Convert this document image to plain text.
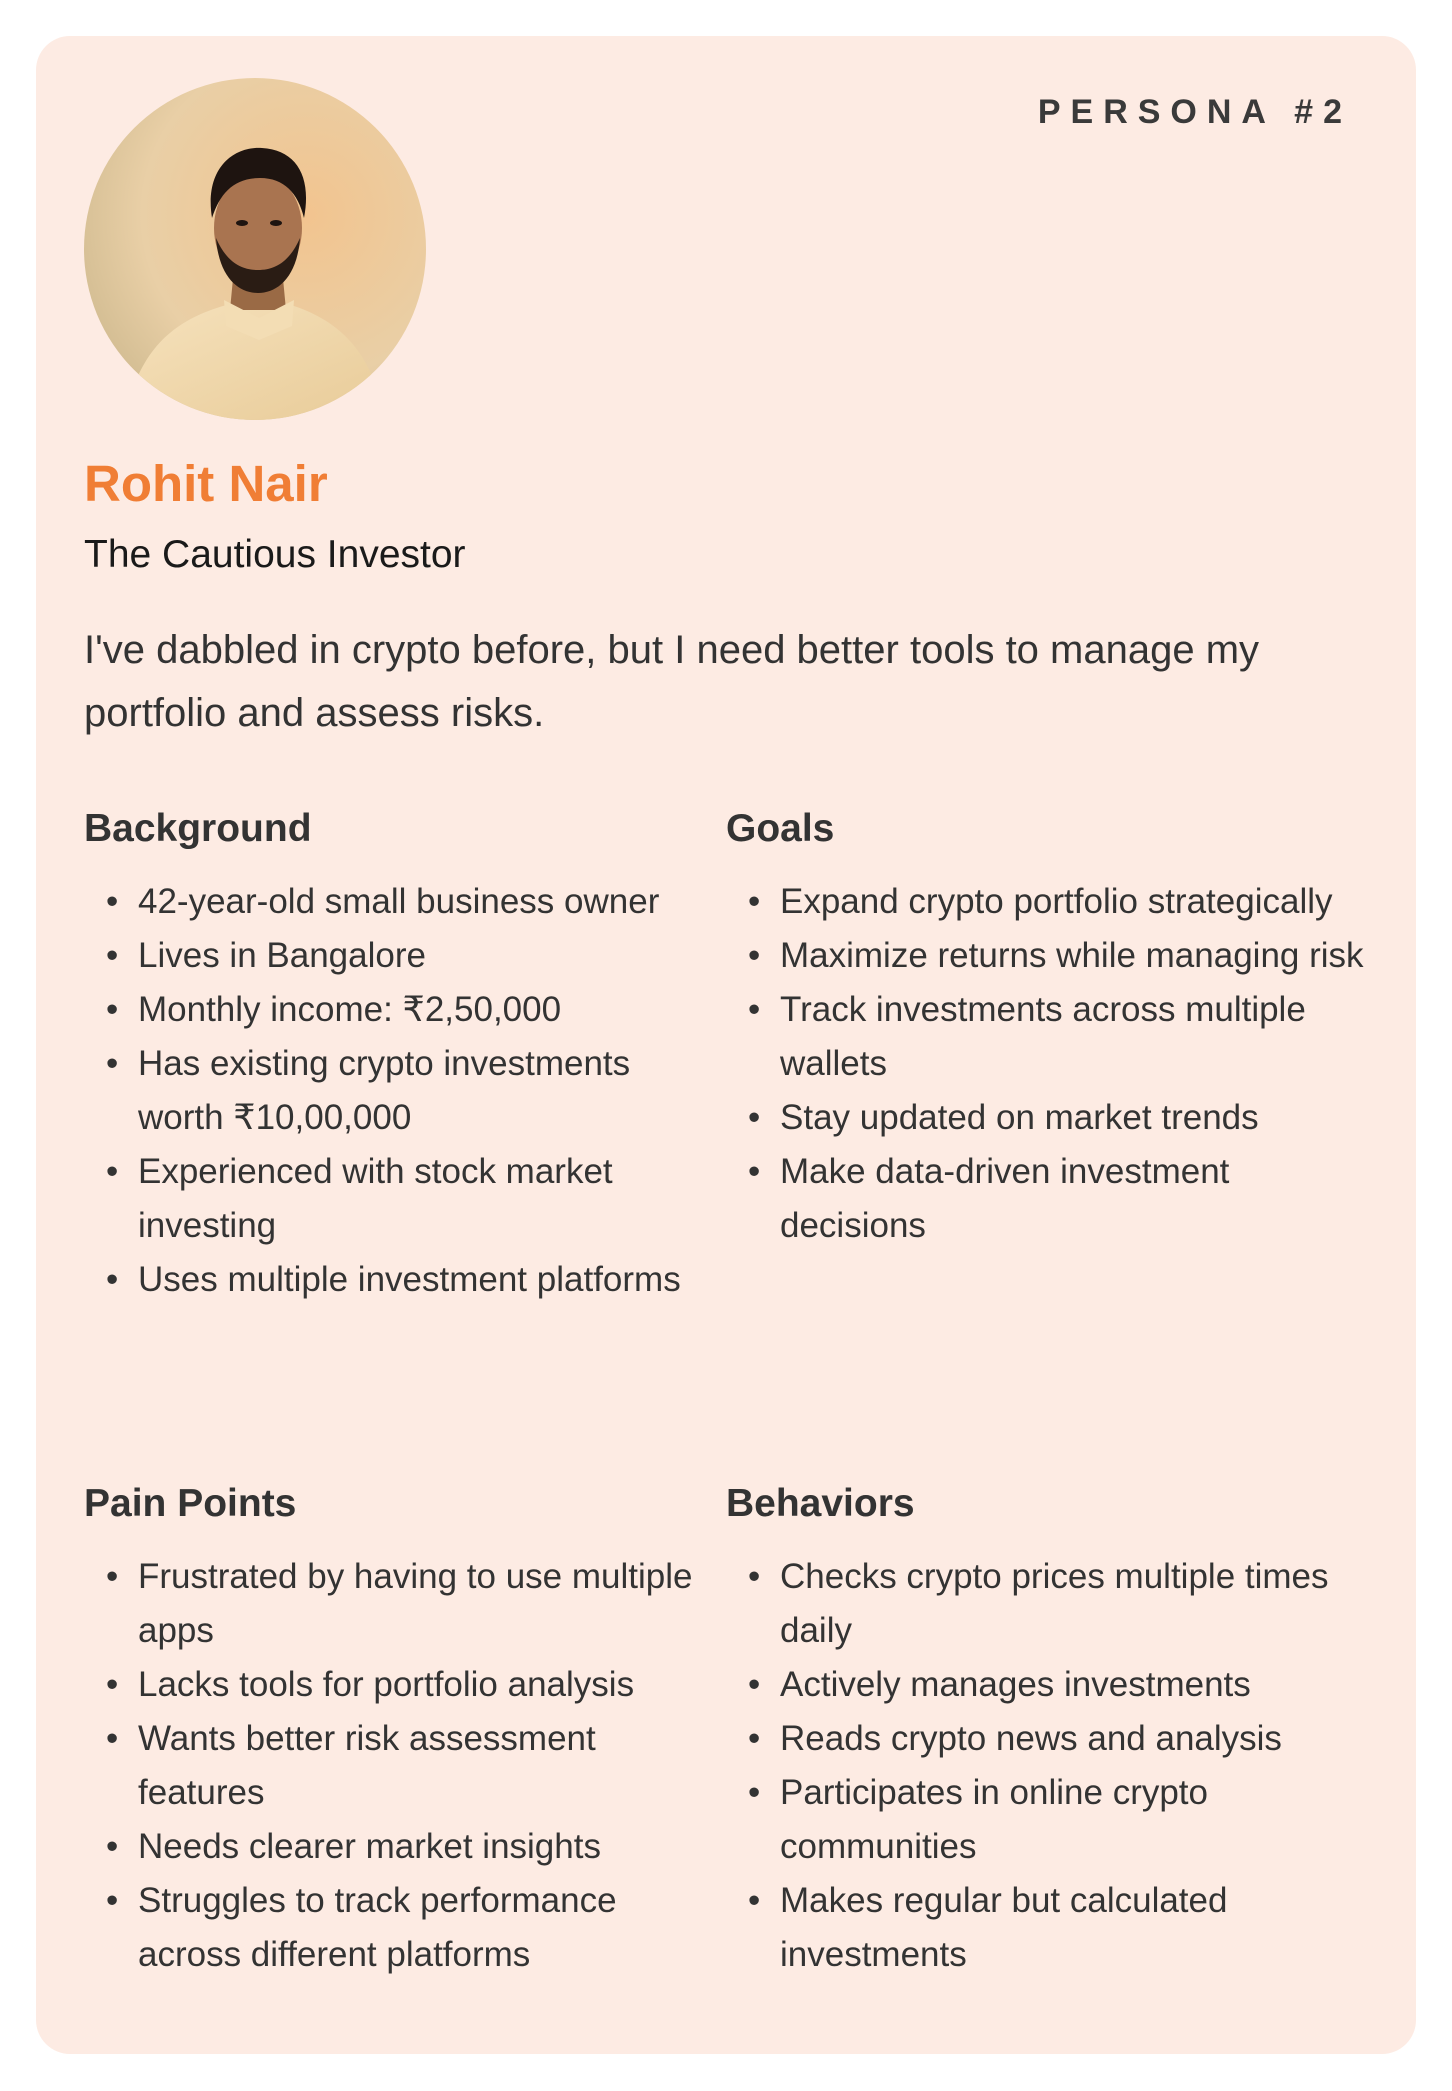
PERSONA #2
Rohit Nair
The Cautious Investor
I've dabbled in crypto before, but I need better tools to manage my portfolio and assess risks.
Background
• 42-year-old small business owner
• Lives in Bangalore
• Monthly income: ₹2,50,000
• Has existing crypto investments worth ₹10,00,000
• Experienced with stock market investing
• Uses multiple investment platforms
Goals
• Expand crypto portfolio strategically
• Maximize returns while managing risk
• Track investments across multiple wallets
• Stay updated on market trends
• Make data-driven investment decisions
Pain Points
• Frustrated by having to use multiple apps
• Lacks tools for portfolio analysis
• Wants better risk assessment features
• Needs clearer market insights
• Struggles to track performance across different platforms
Behaviors
• Checks crypto prices multiple times daily
• Actively manages investments
• Reads crypto news and analysis
• Participates in online crypto communities
• Makes regular but calculated investments
